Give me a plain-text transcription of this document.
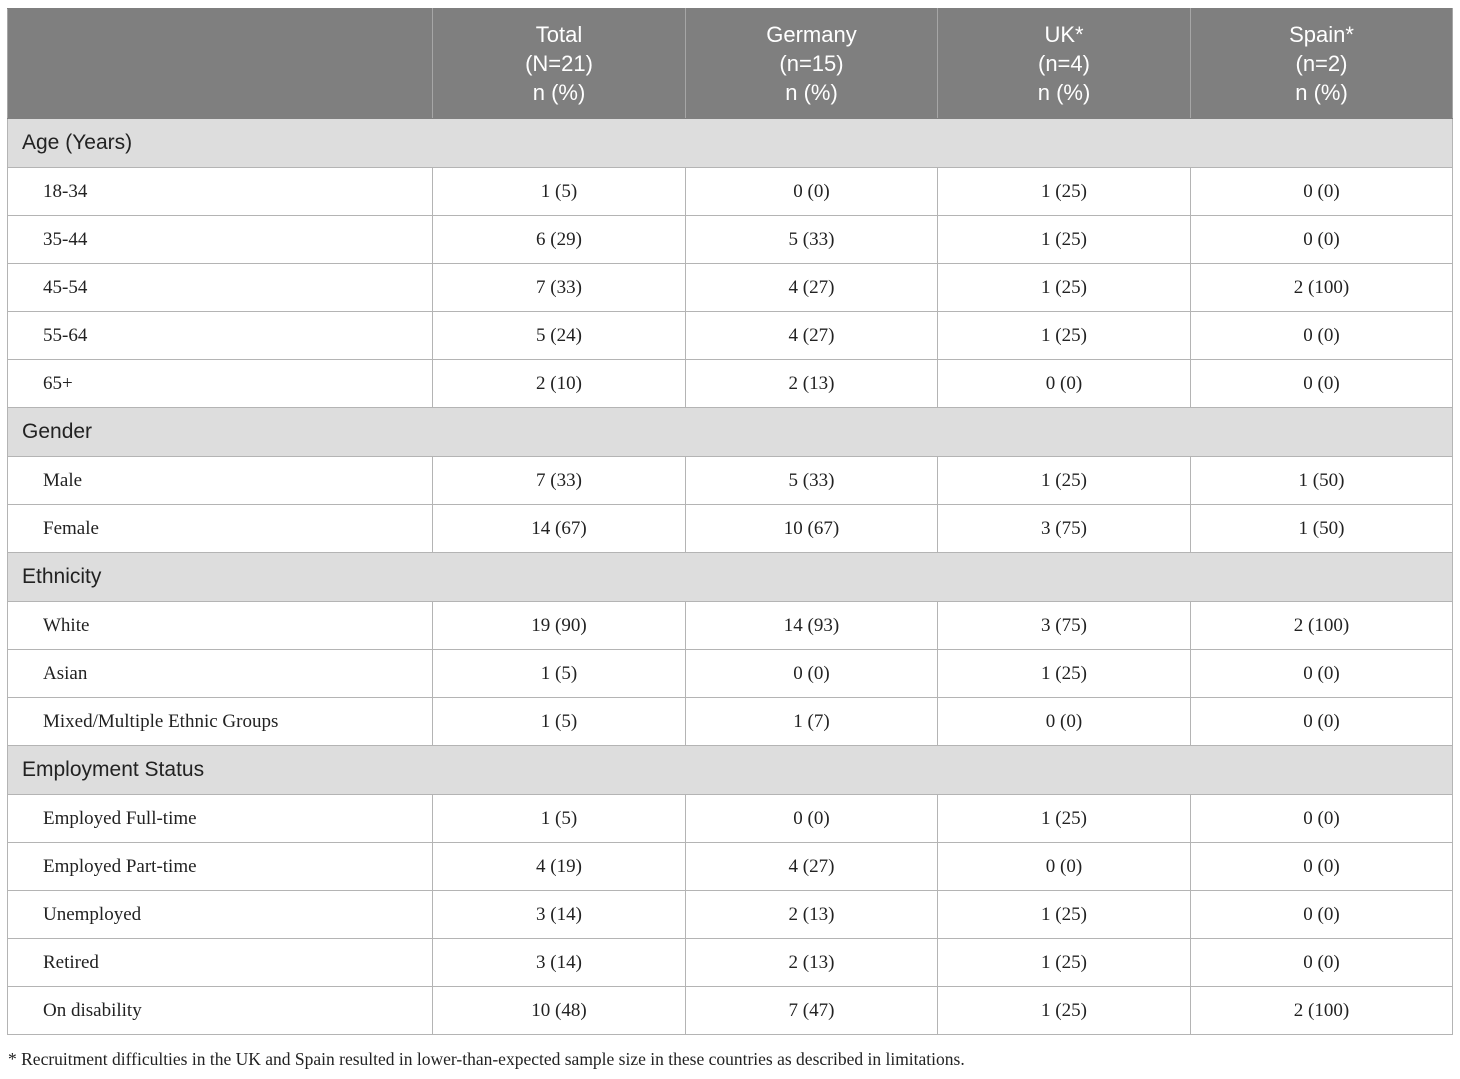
	Total
(N=21)
n (%)	Germany
(n=15)
n (%)	UK*
(n=4)
n (%)	Spain*
(n=2)
n (%)

Age (Years)				
18-34	1 (5)	0 (0)	1 (25)	0 (0)
35-44	6 (29)	5 (33)	1 (25)	0 (0)
45-54	7 (33)	4 (27)	1 (25)	2 (100)
55-64	5 (24)	4 (27)	1 (25)	0 (0)
65+	2 (10)	2 (13)	0 (0)	0 (0)
Gender				
Male	7 (33)	5 (33)	1 (25)	1 (50)
Female	14 (67)	10 (67)	3 (75)	1 (50)
Ethnicity				
White	19 (90)	14 (93)	3 (75)	2 (100)
Asian	1 (5)	0 (0)	1 (25)	0 (0)
Mixed/Multiple Ethnic Groups	1 (5)	1 (7)	0 (0)	0 (0)
Employment Status				
Employed Full-time	1 (5)	0 (0)	1 (25)	0 (0)
Employed Part-time	4 (19)	4 (27)	0 (0)	0 (0)
Unemployed	3 (14)	2 (13)	1 (25)	0 (0)
Retired	3 (14)	2 (13)	1 (25)	0 (0)
On disability	10 (48)	7 (47)	1 (25)	2 (100)
* Recruitment difficulties in the UK and Spain resulted in lower-than-expected sample size in these countries as described in limitations.
